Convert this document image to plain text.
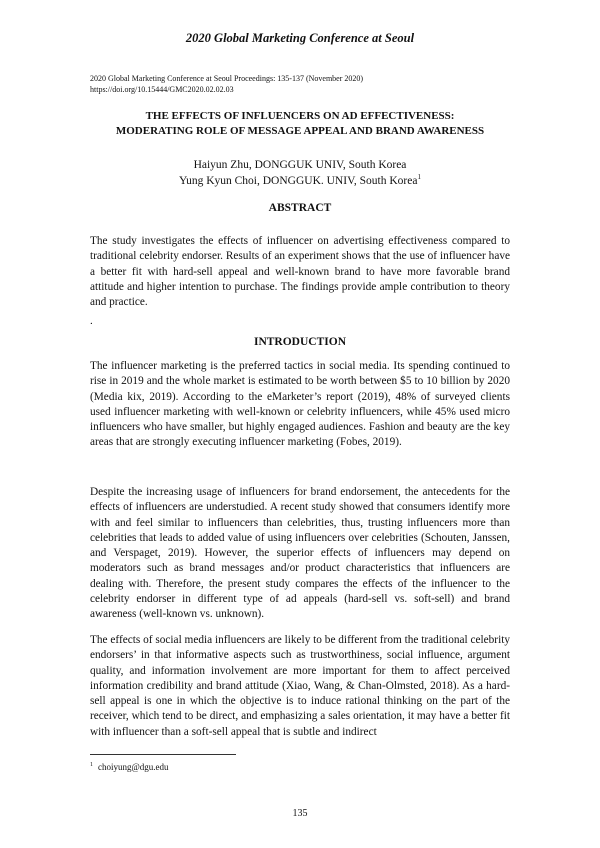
2020 Global Marketing Conference at Seoul
2020 Global Marketing Conference at Seoul Proceedings: 135-137 (November 2020)
https://doi.org/10.15444/GMC2020.02.02.03
THE EFFECTS OF INFLUENCERS ON AD EFFECTIVENESS:
MODERATING ROLE OF MESSAGE APPEAL AND BRAND AWARENESS
Haiyun Zhu, DONGGUK UNIV, South Korea
Yung Kyun Choi, DONGGUK. UNIV, South Korea$^1$
ABSTRACT

The study investigates the effects of influencer on advertising effectiveness compared to traditional celebrity endorser. Results of an experiment shows that the use of influencer have a better fit with hard-sell appeal and well-known brand to have more favorable brand attitude and higher intention to purchase. The findings provide ample contribution to theory and practice.

.
INTRODUCTION

The influencer marketing is the preferred tactics in social media. Its spending continued to rise in 2019 and the whole market is estimated to be worth between $5 to 10 billion by 2020 (Media kix, 2019). According to the eMarketer’s report (2019), 48% of surveyed clients used influencer marketing with well-known or celebrity influencers, while 45% used micro influencers who have smaller, but highly engaged audiences. Fashion and beauty are the key areas that are strongly executing influencer marketing (Fobes, 2019).

Despite the increasing usage of influencers for brand endorsement, the antecedents for the effects of influencers are understudied. A recent study showed that consumers identify more with and feel similar to influencers than celebrities, thus, trusting influencers more than celebrities that leads to added value of using influencers over celebrities (Schouten, Janssen, and Verspaget, 2019). However, the superior effects of influencers may depend on moderators such as brand messages and/or product characteristics that influencers are dealing with. Therefore, the present study compares the effects of the influencer to the celebrity endorser in different type of ad appeals (hard-sell vs. soft-sell) and brand awareness (well-known vs. unknown).

The effects of social media influencers are likely to be different from the traditional celebrity endorsers’ in that informative aspects such as trustworthiness, social influence, argument quality, and information involvement are more important for them to affect perceived information credibility and brand attitude (Xiao, Wang, & Chan-Olmsted, 2018). As a hard-sell appeal is one in which the objective is to induce rational thinking on the part of the receiver, which tend to be direct, and emphasizing a sales orientation, it may have a better fit with influencer than a soft-sell appeal that is subtle and indirect

$^1$ choiyung@dgu.edu
135
